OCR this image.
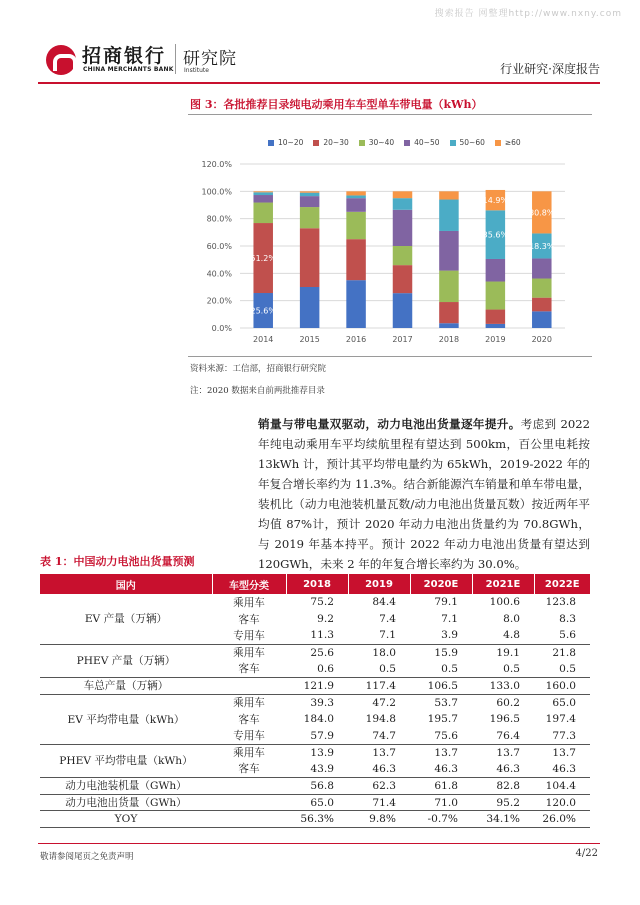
搜索报告 网整理http://www.nxny.com
招商银行
CHINA MERCHANTS BANK
研究院
Institute	行业研究·深度报告
图 3：各批推荐目录纯电动乘用车车型单车带电量（kWh）
0.0%
20.0%
40.0%
60.0%
80.0%
100.0%
120.0%
25.6%
51.2%
2014	2015	2016	2017	2018
35.6%
14.9%
2019
18.3%
30.8%
2020
10~20	20~30	30~40	40~50	50~60	≥60
资料来源：工信部，招商银行研究院
注：2020 数据来自前两批推荐目录
销量与带电量双驱动，动力电池出货量逐年提升。考虑到 2022 年纯电动乘用车平均续航里程有望达到 500km，百公里电耗按 13kWh 计，预计其平均带电量约为 65kWh，2019-2022 年的年复合增长率约为 11.3%。结合新能源汽车销量和单车带电量，装机比（动力电池装机量瓦数/动力电池出货量瓦数）按近两年平均值 87%计，预计 2020 年动力电池出货量约为 70.8GWh，与 2019 年基本持平。预计 2022 年动力电池出货量有望达到 120GWh，未来 2 年的年复合增长率约为 30.0%。
表 1：中国动力电池出货量预测
国内	车型分类	2018	2019	2020E	2021E	2022E
EV 产量（万辆）	乘用车	75.2	84.4	79.1	100.6	123.8
	客车	9.2	7.4	7.1	8.0	8.3
	专用车	11.3	7.1	3.9	4.8	5.6
PHEV 产量（万辆）	乘用车	25.6	18.0	15.9	19.1	21.8
	客车	0.6	0.5	0.5	0.5	0.5
车总产量（万辆）		121.9	117.4	106.5	133.0	160.0
EV 平均带电量（kWh）	乘用车	39.3	47.2	53.7	60.2	65.0
	客车	184.0	194.8	195.7	196.5	197.4
	专用车	57.9	74.7	75.6	76.4	77.3
PHEV 平均带电量（kWh）	乘用车	13.9	13.7	13.7	13.7	13.7
	客车	43.9	46.3	46.3	46.3	46.3
动力电池装机量（GWh）		56.8	62.3	61.8	82.8	104.4
动力电池出货量（GWh）		65.0	71.4	71.0	95.2	120.0
YOY		56.3%	9.8%	-0.7%	34.1%	26.0%
敬请参阅尾页之免责声明	4/22
